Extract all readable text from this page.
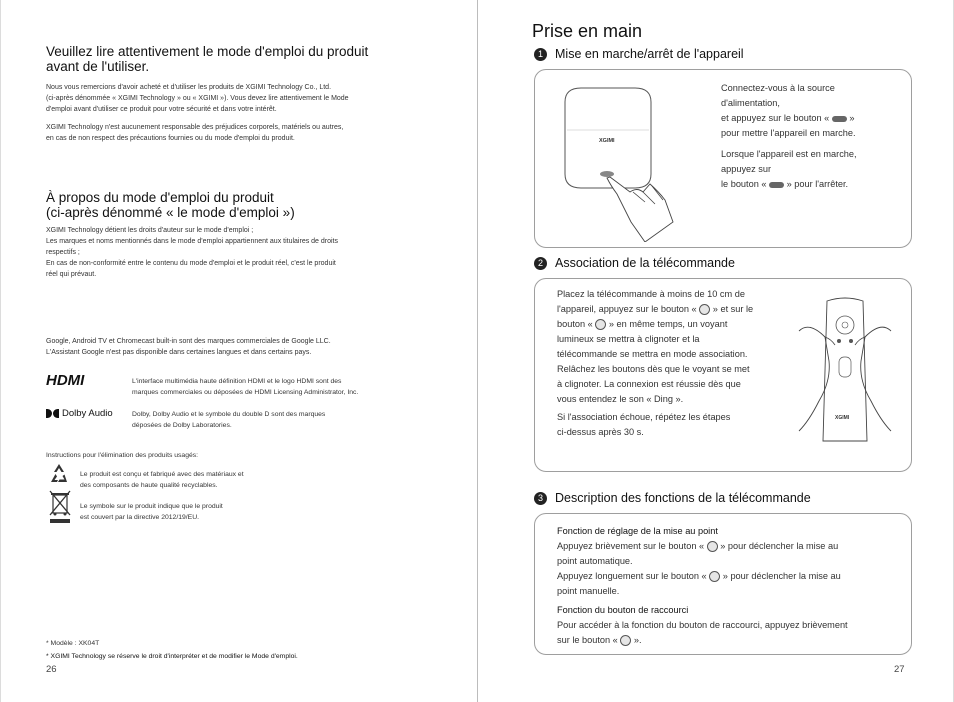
Veuillez lire attentivement le mode d'emploi du produit
avant de l'utiliser.

Nous vous remercions d'avoir acheté et d'utiliser les produits de XGIMI Technology Co., Ltd.
(ci-après dénommée « XGIMI Technology » ou « XGIMI »). Vous devez lire attentivement le Mode
d'emploi avant d'utiliser ce produit pour votre sécurité et dans votre intérêt.

XGIMI Technology n'est aucunement responsable des préjudices corporels, matériels ou autres,
en cas de non respect des précautions fournies ou du mode d'emploi du produit.

À propos du mode d'emploi du produit
(ci-après dénommé « le mode d'emploi »)

XGIMI Technology détient les droits d'auteur sur le mode d'emploi ;
Les marques et noms mentionnés dans le mode d'emploi appartiennent aux titulaires de droits
respectifs ;
En cas de non-conformité entre le contenu du mode d'emploi et le produit réel, c'est le produit
réel qui prévaut.

Google, Android TV et Chromecast built-in sont des marques commerciales de Google LLC.
L'Assistant Google n'est pas disponible dans certaines langues et dans certains pays.

HDMI	L'interface multimédia haute définition HDMI et le logo HDMI sont des
marques commerciales ou déposées de HDMI Licensing Administrator, Inc.

Dolby Audio	Dolby, Dolby Audio et le symbole du double D sont des marques
déposées de Dolby Laboratories.

Instructions pour l'élimination des produits usagés:

Le produit est conçu et fabriqué avec des matériaux et
des composants de haute qualité recyclables.

Le symbole sur le produit indique que le produit
est couvert par la directive 2012/19/EU.

* Modèle : XK04T

* XGIMI Technology se réserve le droit d'interpréter et de modifier le Mode d'emploi.

26
Prise en main
1 Mise en marche/arrêt de l'appareil
XGIMI
Connectez-vous à la source
d'alimentation,
et appuyez sur le bouton « »
pour mettre l'appareil en marche.
Lorsque l'appareil est en marche,
appuyez sur
le bouton « » pour l'arrêter.
2 Association de la télécommande
Placez la télécommande à moins de 10 cm de
l'appareil, appuyez sur le bouton « » et sur le
bouton « » en même temps, un voyant
lumineux se mettra à clignoter et la
télécommande se mettra en mode association.
Relâchez les boutons dès que le voyant se met
à clignoter. La connexion est réussie dès que
vous entendez le son « Ding ».
Si l'association échoue, répétez les étapes
ci-dessus après 30 s.
XGIMI
3 Description des fonctions de la télécommande
Fonction de réglage de la mise au point
Appuyez brièvement sur le bouton « » pour déclencher la mise au
point automatique.
Appuyez longuement sur le bouton « » pour déclencher la mise au
point manuelle.
Fonction du bouton de raccourci
Pour accéder à la fonction du bouton de raccourci, appuyez brièvement
sur le bouton « ».
27
